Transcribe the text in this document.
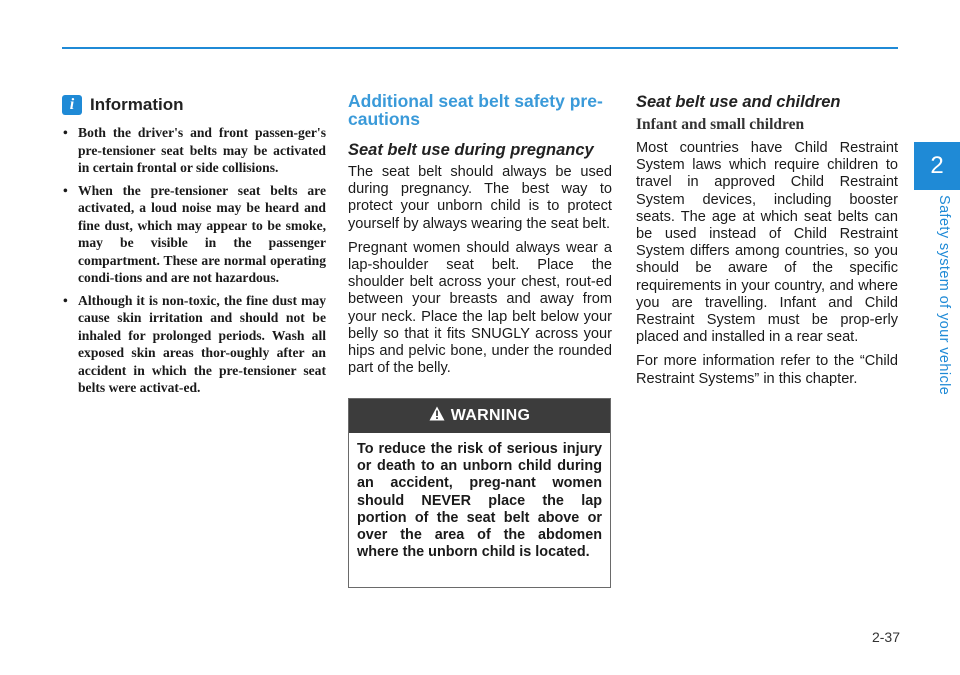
2
Safety system of your vehicle
i Information
• Both the driver's and front passen-ger's pre-tensioner seat belts may be activated in certain frontal or side collisions.
• When the pre-tensioner seat belts are activated, a loud noise may be heard and fine dust, which may appear to be smoke, may be visible in the passenger compartment. These are normal operating condi-tions and are not hazardous.
• Although it is non-toxic, the fine dust may cause skin irritation and should not be inhaled for prolonged periods. Wash all exposed skin areas thor-oughly after an accident in which the pre-tensioner seat belts were activat-ed.
Additional seat belt safety pre-cautions
Seat belt use during pregnancy

The seat belt should always be used during pregnancy. The best way to protect your unborn child is to protect yourself by always wearing the seat belt.

Pregnant women should always wear a lap-shoulder seat belt. Place the shoulder belt across your chest, rout-ed between your breasts and away from your neck. Place the lap belt below your belly so that it fits SNUGLY across your hips and pelvic bone, under the rounded part of the belly.

WARNING
To reduce the risk of serious injury or death to an unborn child during an accident, preg-nant women should NEVER place the lap portion of the seat belt above or over the area of the abdomen where the unborn child is located.
Seat belt use and children
Infant and small children

Most countries have Child Restraint System laws which require children to travel in approved Child Restraint System devices, including booster seats. The age at which seat belts can be used instead of Child Restraint System differs among countries, so you should be aware of the specific requirements in your country, and where you are travelling. Infant and Child Restraint System must be prop-erly placed and installed in a rear seat.

For more information refer to the “Child Restraint Systems” in this chapter.

2-37
